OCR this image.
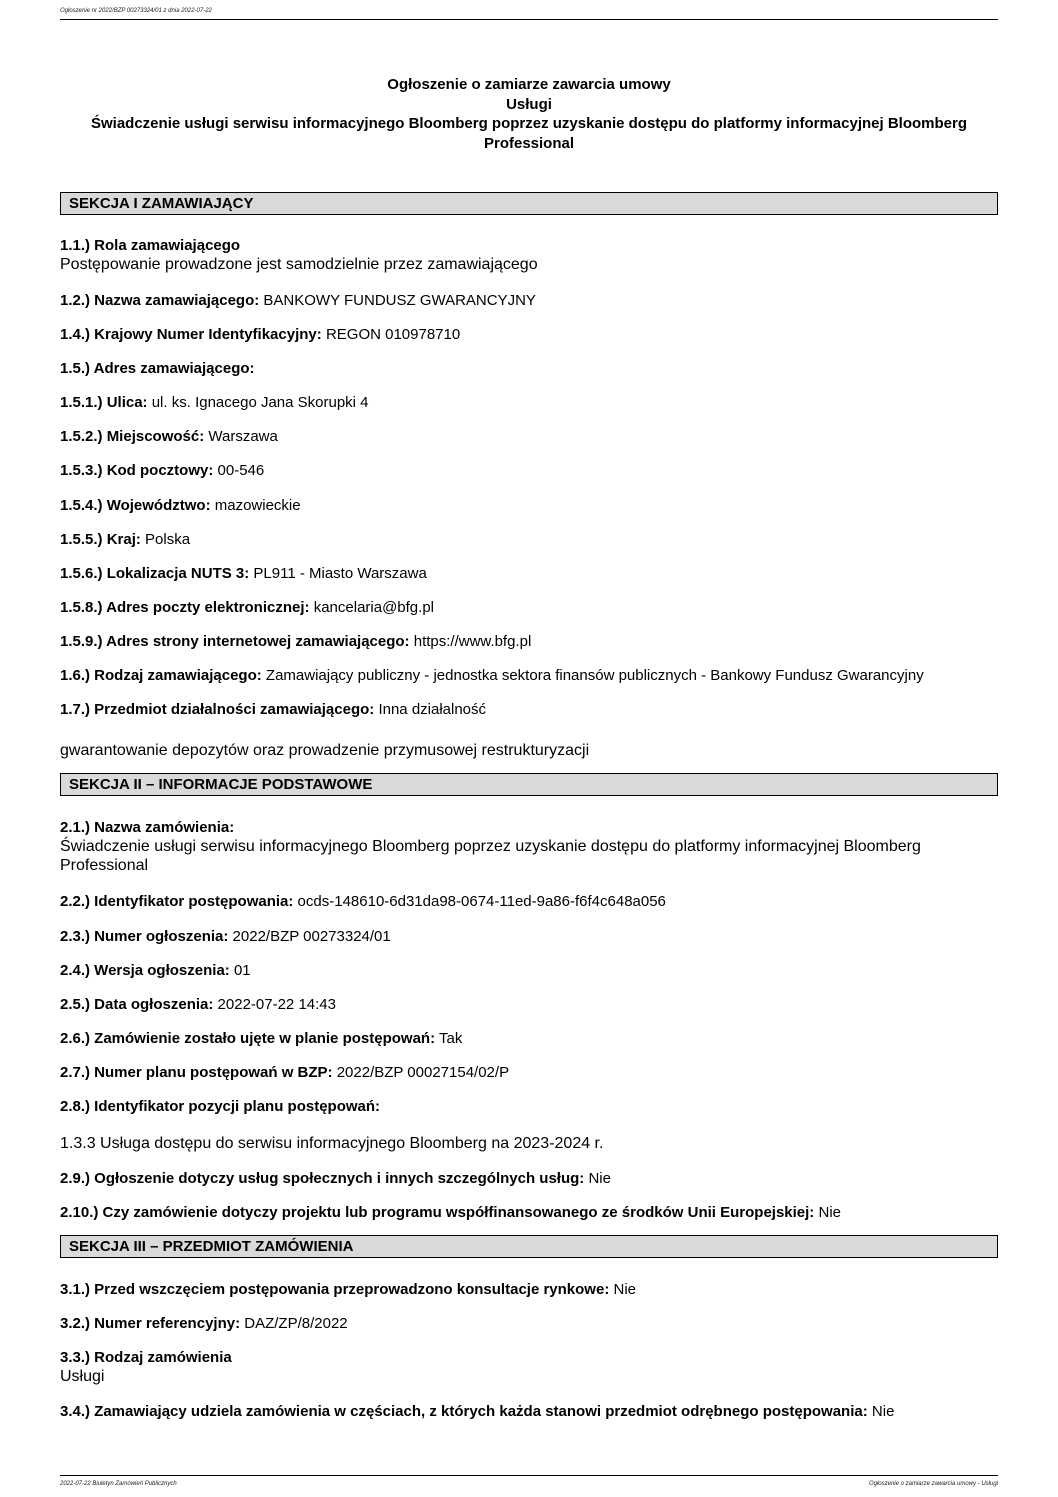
Ogłoszenie nr 2022/BZP 00273324/01 z dnia 2022-07-22
Ogłoszenie o zamiarze zawarcia umowy
Usługi
Świadczenie usługi serwisu informacyjnego Bloomberg poprzez uzyskanie dostępu do platformy informacyjnej Bloomberg
Professional
SEKCJA I ZAMAWIAJĄCY
1.1.) Rola zamawiającego
Postępowanie prowadzone jest samodzielnie przez zamawiającego
1.2.) Nazwa zamawiającego: BANKOWY FUNDUSZ GWARANCYJNY
1.4.) Krajowy Numer Identyfikacyjny: REGON 010978710
1.5.) Adres zamawiającego:
1.5.1.) Ulica: ul. ks. Ignacego Jana Skorupki 4
1.5.2.) Miejscowość: Warszawa
1.5.3.) Kod pocztowy: 00-546
1.5.4.) Województwo: mazowieckie
1.5.5.) Kraj: Polska
1.5.6.) Lokalizacja NUTS 3: PL911 - Miasto Warszawa
1.5.8.) Adres poczty elektronicznej: kancelaria@bfg.pl
1.5.9.) Adres strony internetowej zamawiającego: https://www.bfg.pl
1.6.) Rodzaj zamawiającego: Zamawiający publiczny - jednostka sektora finansów publicznych - Bankowy Fundusz Gwarancyjny
1.7.) Przedmiot działalności zamawiającego: Inna działalność
gwarantowanie depozytów oraz prowadzenie przymusowej restrukturyzacji
SEKCJA II – INFORMACJE PODSTAWOWE
2.1.) Nazwa zamówienia:
Świadczenie usługi serwisu informacyjnego Bloomberg poprzez uzyskanie dostępu do platformy informacyjnej Bloomberg Professional
2.2.) Identyfikator postępowania: ocds-148610-6d31da98-0674-11ed-9a86-f6f4c648a056
2.3.) Numer ogłoszenia: 2022/BZP 00273324/01
2.4.) Wersja ogłoszenia: 01
2.5.) Data ogłoszenia: 2022-07-22 14:43
2.6.) Zamówienie zostało ujęte w planie postępowań: Tak
2.7.) Numer planu postępowań w BZP: 2022/BZP 00027154/02/P
2.8.) Identyfikator pozycji planu postępowań:
1.3.3 Usługa dostępu do serwisu informacyjnego Bloomberg na 2023-2024 r.
2.9.) Ogłoszenie dotyczy usług społecznych i innych szczególnych usług: Nie
2.10.) Czy zamówienie dotyczy projektu lub programu współfinansowanego ze środków Unii Europejskiej: Nie
SEKCJA III – PRZEDMIOT ZAMÓWIENIA
3.1.) Przed wszczęciem postępowania przeprowadzono konsultacje rynkowe: Nie
3.2.) Numer referencyjny: DAZ/ZP/8/2022
3.3.) Rodzaj zamówienia
Usługi
3.4.) Zamawiający udziela zamówienia w częściach, z których każda stanowi przedmiot odrębnego postępowania: Nie
2022-07-22 Biuletyn Zamówień Publicznych	Ogłoszenie o zamiarze zawarcia umowy - Usługi
